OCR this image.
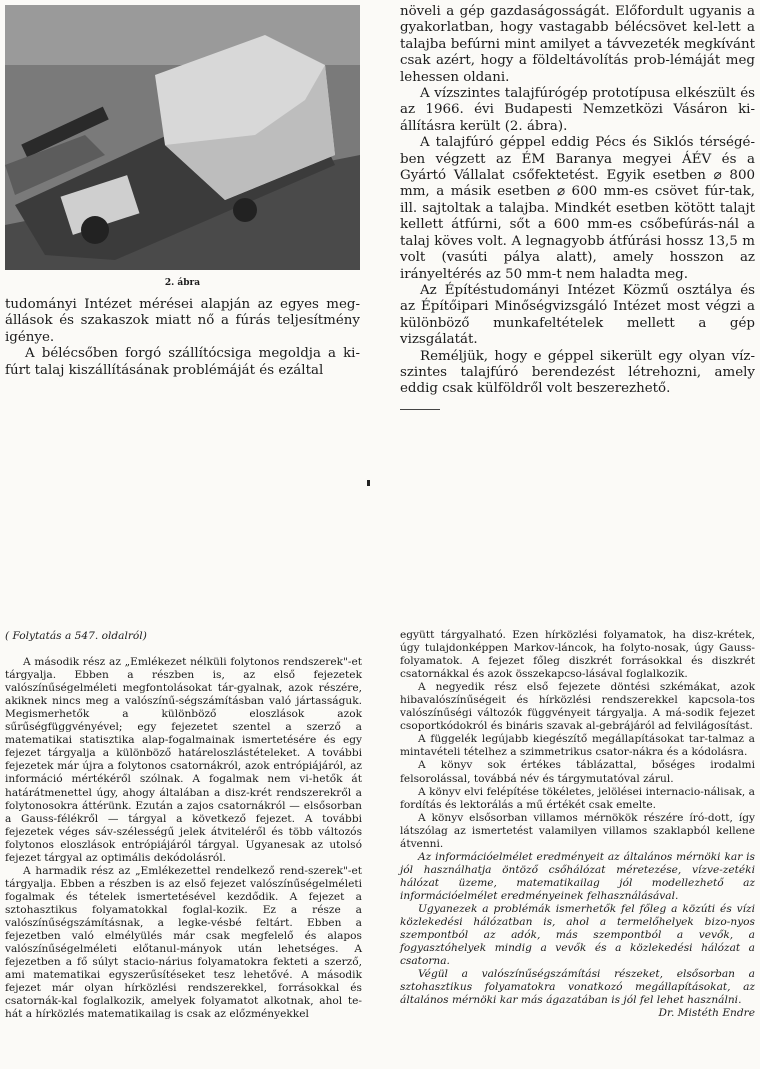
2. ábra

tudományi Intézet mérései alapján az egyes meg-állások és szakaszok miatt nő a fúrás teljesítmény igénye.

A bélécsőben forgó szállítócsiga megoldja a ki-fúrt talaj kiszállításának problémáját és ezáltal

növeli a gép gazdaságosságát. Előfordult ugyanis a gyakorlatban, hogy vastagabb bélécsövet kel-lett a talajba befúrni mint amilyet a távvezeték megkívánt csak azért, hogy a földeltávolítás prob-lémáját meg lehessen oldani.

A vízszintes talajfúrógép prototípusa elkészült és az 1966. évi Budapesti Nemzetközi Vásáron ki-állításra került (2. ábra).

A talajfúró géppel eddig Pécs és Siklós térségé-ben végzett az ÉM Baranya megyei ÁÉV és a Gyártó Vállalat csőfektetést. Egyik esetben ⌀ 800 mm, a másik esetben ⌀ 600 mm-es csövet fúr-tak, ill. sajtoltak a talajba. Mindkét esetben kötött talajt kellett átfúrni, sőt a 600 mm-es csőbefúrás-nál a talaj köves volt. A legnagyobb átfúrási hossz 13,5 m volt (vasúti pálya alatt), amely hosszon az irányeltérés az 50 mm-t nem haladta meg.

Az Építéstudományi Intézet Közmű osztálya és az Építőipari Minőségvizsgáló Intézet most végzi a különböző munkafeltételek mellett a gép vizsgálatát.

Reméljük, hogy e géppel sikerült egy olyan víz-szintes talajfúró berendezést létrehozni, amely eddig csak külföldről volt beszerezhető.

( Folytatás a 547. oldalról)

A második rész az „Emlékezet nélküli folytonos rendszerek"-et tárgyalja. Ebben a részben is, az első fejezetek valószínűségelméleti megfontolásokat tár-gyalnak, azok részére, akiknek nincs meg a valószínű-ségszámításban való jártasságuk. Megismerhetők a különböző eloszlások azok sűrűségfüggvényével; egy fejezetet szentel a szerző a matematikai statisztika alap-fogalmainak ismertetésére és egy fejezet tárgyalja a különböző határeloszlástételeket. A további fejezetek már újra a folytonos csatornákról, azok entrópiájáról, az információ mértékéről szólnak. A fogalmak nem vi-hetők át határátmenettel úgy, ahogy általában a disz-krét rendszerekről a folytonosokra áttérünk. Ezután a zajos csatornákról — elsősorban a Gauss-félékről — tárgyal a következő fejezet. A további fejezetek véges sáv-szélességű jelek átviteléről és több változós folytonos eloszlások entrópiájáról tárgyal. Ugyanesak az utolsó fejezet tárgyal az optimális dekódolásról.

A harmadik rész az „Emlékezettel rendelkező rend-szerek"-et tárgyalja. Ebben a részben is az első fejezet valószínűségelméleti fogalmak és tételek ismertetésével kezdődik. A fejezet a sztohasztikus folyamatokkal foglal-kozik. Ez a része a valószínűségszámításnak, a legke-vésbé feltárt. Ebben a fejezetben való elmélyülés már csak megfelelő és alapos valószínűségelméleti előtanul-mányok után lehetséges. A fejezetben a fő súlyt stacio-nárius folyamatokra fekteti a szerző, ami matematikai egyszerűsítéseket tesz lehetővé. A második fejezet már olyan hírközlési rendszerekkel, forrásokkal és csatornák-kal foglalkozik, amelyek folyamatot alkotnak, ahol te-hát a hírközlés matematikailag is csak az előzményekkel

együtt tárgyalható. Ezen hírközlési folyamatok, ha disz-krétek, úgy tulajdonképpen Markov-láncok, ha folyto-nosak, úgy Gauss-folyamatok. A fejezet főleg diszkrét forrásokkal és diszkrét csatornákkal és azok összekapcso-lásával foglalkozik.

A negyedik rész első fejezete döntési szkémákat, azok hibavalószínűségeit és hírközlési rendszerekkel kapcsola-tos valószínűségi változók függvényeit tárgyalja. A má-sodik fejezet csoportkódokról és bináris szavak al-gebrájáról ad felvilágosítást.

A függelék legújabb kiegészítő megállapításokat tar-talmaz a mintavételi tételhez a szimmetrikus csator-nákra és a kódolásra.

A könyv sok értékes táblázattal, bőséges irodalmi felsorolással, továbbá név és tárgymutatóval zárul.

A könyv elvi felépítése tökéletes, jelölései internacio-nálisak, a fordítás és lektorálás a mű értékét csak emelte.

A könyv elsősorban villamos mérnökök részére író-dott, így látszólag az ismertetést valamilyen villamos szaklapból kellene átvenni.

Az információelmélet eredményeit az általános mérnöki kar is jól használhatja öntöző csőhálózat méretezése, vízve-zetéki hálózat üzeme, matematikailag jól modellezhető az információelmélet eredményeinek felhasználásával.

Ugyanezek a problémák ismerhetők fel főleg a közúti és vízi közlekedési hálózatban is, ahol a termelőhelyek bizo-nyos szempontból az adók, más szempontból a vevők, a fogyasztóhelyek mindig a vevők és a közlekedési hálózat a csatorna.

Végül a valószínűségszámítási részeket, elsősorban a sztohasztikus folyamatokra vonatkozó megállapításokat, az általános mérnöki kar más ágazatában is jól fel lehet használni.
Dr. Mistéth Endre
